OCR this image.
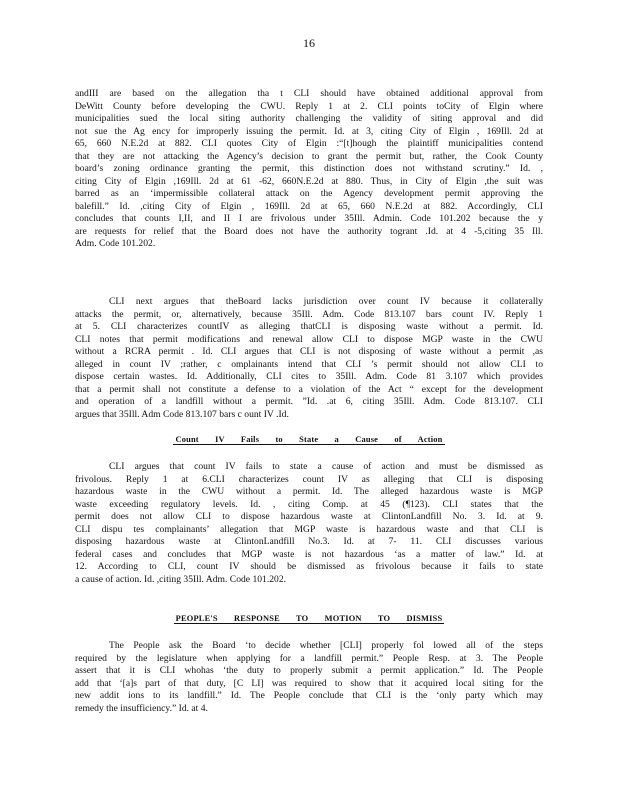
16
andIII are based on the allegation tha t CLI should have obtained additional approval from
DeWitt County before developing the CWU. Reply 1 at 2. CLI points toCity of Elgin where
municipalities sued the local siting authority challenging the validity of siting approval and did
not sue the Ag ency for improperly issuing the permit. Id. at 3, citing City of Elgin , 169Ill. 2d at
65, 660 N.E.2d at 882. CLI quotes City of Elgin :“[t]hough the plaintiff municipalities contend
that they are not attacking the Agency’s decision to grant the permit but, rather, the Cook County
board’s zoning ordinance granting the permit, this distinction does not withstand scrutiny.” Id. ,
citing City of Elgin ,169Ill. 2d at 61 -62, 660N.E.2d at 880. Thus, in City of Elgin ,the suit was
barred as an ‘impermissible collateral attack on the Agency development permit approving the
balefill.” Id. ,citing City of Elgin , 169Ill. 2d at 65, 660 N.E.2d at 882. Accordingly, CLI
concludes that counts I,II, and II I are frivolous under 35Ill. Admin. Code 101.202 because the y
are requests for relief that the Board does not have the authority togrant .Id. at 4 -5,citing 35 Ill.
Adm. Code 101.202.
CLI next argues that theBoard lacks jurisdiction over count IV because it collaterally
attacks the permit, or, alternatively, because 35Ill. Adm. Code 813.107 bars count IV. Reply 1
at 5. CLI characterizes countIV as alleging thatCLI is disposing waste without a permit. Id.
CLI notes that permit modifications and renewal allow CLI to dispose MGP waste in the CWU
without a RCRA permit . Id. CLI argues that CLI is not disposing of waste without a permit ,as
alleged in count IV ;rather, c omplainants intend that CLI ’s permit should not allow CLI to
dispose certain wastes. Id. Additionally, CLI cites to 35Ill. Adm. Code 81 3.107 which provides
that a permit shall not constitute a defense to a violation of the Act “ except for the development
and operation of a landfill without a permit. ”Id. .at 6, citing 35Ill. Adm. Code 813.107. CLI
argues that 35Ill. Adm Code 813.107 bars c ount IV .Id.
Count IV Fails to State a Cause of Action
CLI argues that count IV fails to state a cause of action and must be dismissed as
frivolous. Reply 1 at 6.CLI characterizes count IV as alleging that CLI is disposing
hazardous waste in the CWU without a permit. Id. The alleged hazardous waste is MGP
waste exceeding regulatory levels. Id. , citing Comp. at 45 (¶123). CLI states that the
permit does not allow CLI to dispose hazardous waste at ClintonLandfill No. 3. Id. at 9.
CLI dispu tes complainants’ allegation that MGP waste is hazardous waste and that CLI is
disposing hazardous waste at ClintonLandfill No.3. Id. at 7- 11. CLI discusses various
federal cases and concludes that MGP waste is not hazardous ‘as a matter of law.” Id. at
12. According to CLI, count IV should be dismissed as frivolous because it fails to state
a cause of action. Id. ,citing 35Ill. Adm. Code 101.202.
PEOPLE'S RESPONSE TO MOTION TO DISMISS
The People ask the Board ‘to decide whether [CLI] properly fol lowed all of the steps
required by the legislature when applying for a landfill permit.” People Resp. at 3. The People
assert that it is CLI whohas ‘the duty to properly submit a permit application.” Id. The People
add that ‘[a]s part of that duty, [C LI] was required to show that it acquired local siting for the
new addit ions to its landfill.” Id. The People conclude that CLI is the ‘only party which may
remedy the insufficiency.” Id. at 4.
